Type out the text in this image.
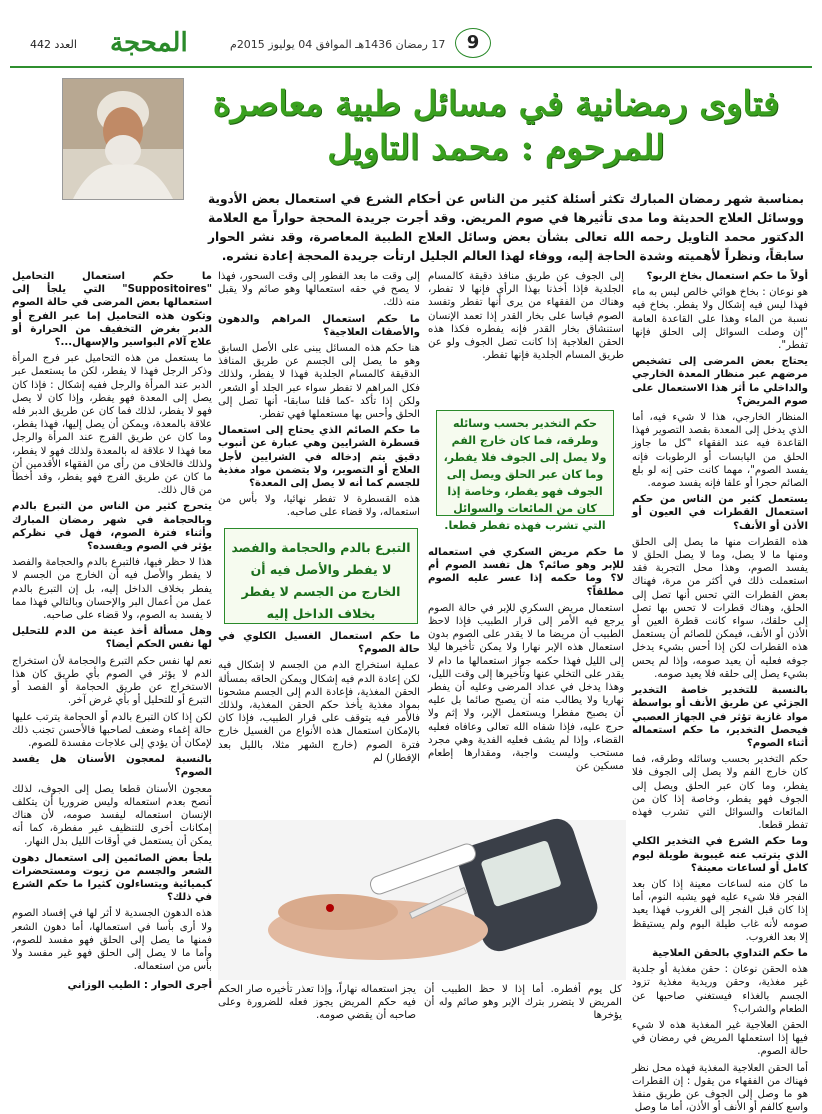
العدد 442 المحجة	17 رمضان 1436هـ الموافق 04 يوليوز 2015م	9
فتاوى رمضانية في مسائل طبية معاصرة
للمرحوم : محمد التاويل
بمناسبة شهر رمضان المبارك تكثر أسئلة كثير من الناس عن أحكام الشرع في استعمال بعض الأدوية ووسائل العلاج الحديثة وما مدى تأثيرها في صوم المريض. وقد أجرت جريدة المحجة حواراً مع العلامة الدكتور محمد التاويل رحمه الله تعالى بشأن بعض وسائل العلاج الطبية المعاصرة، وقد نشر الحوار سابقاً، ونظراً لأهميته وشدة الحاجة إليه، ووفاء لهذا العالم الجليل ارتأت جريدة المحجة إعادة نشره.

أولاً ما حكم استعمال بخاخ الربو؟

هو نوعان : بخاخ هوائي خالص ليس به ماء فهذا ليس فيه إشكال ولا يفطر. بخاخ فيه نسبة من الماء وهذا على القاعدة العامة "إن وصلت السوائل إلى الحلق فإنها تفطر".

يحتاج بعض المرضى إلى تشخيص مرضهم عبر منظار المعدة الخارجي والداخلي ما أثر هذا الاستعمال على صوم المريض؟

المنظار الخارجي، هذا لا شيء فيه، أما الذي يدخل إلى المعدة بقصد التصوير فهذا القاعدة فيه عند الفقهاء "كل ما جاوز الحلق من اليابسات أو الرطوبات فإنه يفسد الصوم"، مهما كانت حتى إنه لو بلع الصائم حجرا أو علفا فإنه يفسد صومه.

يستعمل كثير من الناس من حكم استعمال القطرات في العيون أو الأذن أو الأنف؟

هذه القطرات منها ما يصل إلى الحلق ومنها ما لا يصل، وما لا يصل الحلق لا يفسد الصوم، وهذا محل التجربة فقد استعملت ذلك في أكثر من مرة، فهناك بعض القطرات التي تحس أنها تصل إلى الحلق، وهناك قطرات لا تحس بها تصل إلى حلقك، سواء كانت قطرة العين أو الأذن أو الأنف، فيمكن للصائم أن يستعمل هذه القطرات لكن إذا أحس بشيء يدخل جوفه فعليه أن يعيد صومه، وإذا لم يحس بشيء يصل إلى حلقه فلا يعيد صومه.

بالنسبة للتخدير خاصة التخدير الجزئي عن طريق الأنف أو بواسطة مواد غازية تؤثر في الجهاز العصبي فيحصل التخدير، ما حكم استعماله أثناء الصوم؟

حكم التخدير بحسب وسائله وطرقه، فما كان خارج الفم ولا يصل إلى الجوف فلا يفطر، وما كان عبر الحلق ويصل إلى الجوف فهو يفطر، وخاصة إذا كان من المائعات والسوائل التي تشرب فهذه تفطر قطعا.

وما حكم الشرع في التخدير الكلي الذي يترتب عنه غيبوبة طويلة ليوم كامل أو لساعات معينة؟

ما كان منه لساعات معينة إذا كان بعد الفجر فلا شيء عليه فهو يشبه النوم، أما إذا كان قبل الفجر إلى الغروب فهذا يعيد صومه لأنه غاب طيلة اليوم ولم يستيقظ إلا بعد الغروب.

ما حكم التداوي بالحقن العلاجية

هذه الحقن نوعان : حقن مغذية أو جلدية غير مغذية، وحقن وريدية مغذية تزود الجسم بالغذاء فيستغني صاحبها عن الطعام والشراب؟

الحقن العلاجية غير المغذية هذه لا شيء فيها إذا استعملها المريض في رمضان في حالة الصوم.

أما الحقن العلاجية المغذية فهذه محل نظر فهناك من الفقهاء من يقول : إن القطرات هو ما وصل إلى الجوف عن طريق منفذ واسع كالفم أو الأنف أو الأذن، أما ما وصل

إلى الجوف عن طريق منافذ دقيقة كالمسام الجلدية فإذا أخذنا بهذا الرأي فإنها لا تفطر، وهناك من الفقهاء من يرى أنها تفطر وتفسد الصوم قياسا على بخار القدر إذا تعمد الإنسان استنشاق بخار القدر فإنه يفطره فكذا هذه الحقن العلاجية إذا كانت تصل الجوف ولو عن طريق المسام الجلدية فإنها تفطر.

حكم التخدير بحسب وسائله وطرقه، فما كان خارج الفم ولا يصل إلى الجوف فلا يفطر، وما كان عبر الحلق ويصل إلى الجوف فهو يفطر، وخاصة إذا كان من المائعات والسوائل التي تشرب فهذه تفطر قطعا.

ما حكم مريض السكري في استعماله للإبر وهو صائم؟ هل تفسد الصوم أم لا؟ وما حكمه إذا عسر عليه الصوم مطلقاً؟

استعمال مريض السكري للإبر في حالة الصوم يرجع فيه الأمر إلى قرار الطبيب فإذا لاحظ الطبيب أن مريضا ما لا يقدر على الصوم بدون استعمال هذه الإبر نهارا ولا يمكن تأخيرها ليلا إلى الليل فهذا حكمه جواز استعمالها ما دام لا يقدر على التخلي عنها وتأخيرها إلى وقت الليل، وهذا يدخل في عداد المرضى وعليه أن يفطر نهاريا ولا يطالب منه أن يصبح صائما بل عليه أن يصبح مفطرا ويستعمل الإبر، ولا إثم ولا حرج عليه، فإذا شفاه الله تعالى وعافاه فعليه القضاء، وإذا لم يشف فعليه الفدية وهي مجرد مستحب وليست واجبة، ومقدارها إطعام مسكين عن

إلى وقت ما بعد الفطور إلى وقت السحور، فهذا لا يصح في حقه استعمالها وهو صائم ولا يقبل منه ذلك.

ما حكم استعمال المراهم والدهون والأصقات العلاجية؟

هنا حكم هذه المسائل يبنى على الأصل السابق وهو ما يصل إلى الجسم عن طريق المنافذ الدقيقة كالمسام الجلدية فهذا لا يفطر، ولذلك فكل المراهم لا تفطر سواء عبر الجلد أو الشعر، ولكن إذا تأكد -كما قلنا سابقا- أنها تصل إلى الحلق وأحس بها مستعملها فهي تفطر.

ما حكم الصائم الذي يحتاج إلى استعمال قسطرة الشرايين وهي عبارة عن أنبوب دقيق يتم إدخاله في الشرايين لأجل العلاج أو التصوير، ولا يتضمن مواد مغذية للجسم كما أنه لا يصل إلى المعدة؟

هذه القسطرة لا تفطر نهائيا، ولا بأس من استعماله، ولا قضاء على صاحبه.

التبرع بالدم والحجامة والفصد لا يفطر والأصل فيه أن الخارج من الجسم لا يفطر بخلاف الداخل إليه

ما حكم استعمال الغسيل الكلوي في حالة الصوم؟

عملية استخراج الدم من الجسم لا إشكال فيه لكن إعادة الدم فيه إشكال ويمكن الحاقه بمسألة الحقن المغذية، فإعادة الدم إلى الجسم مشحونا بمواد مغذية يأخذ حكم الحقن المغذية، ولذلك فالأمر فيه يتوقف على قرار الطبيب، فإذا كان بالإمكان استعمال هذه الأنواع من الغسيل خارج فترة الصوم (خارج الشهر مثلا، بالليل بعد الإفطار) لم

ما حكم استعمال التحاميل "Suppositoires" التي يلجأ إلى استعمالها بعض المرضى في حالة الصوم وتكون هذه التحاميل إما عبر الفرج أو الدبر بغرض التخفيف من الحرارة أو علاج آلام البواسير والإسهال...؟

ما يستعمل من هذه التحاميل عبر فرج المرأة وذكر الرجل فهذا لا يفطر، لكن ما يستعمل عبر الدبر عند المرأة والرجل ففيه إشكال : فإذا كان يصل إلى المعدة فهو يفطر، وإذا كان لا يصل فهو لا يفطر، لذلك فما كان عن طريق الدبر فله علاقة بالمعدة، ويمكن أن يصل إليها، فهذا يفطر، وما كان عن طريق الفرج عند المرأة والرجل معا فهذا لا علاقة له بالمعدة ولذلك فهو لا يفطر، ولذلك فالخلاف من رأى من الفقهاء الأقدمين أن ما كان عن طريق الفرج فهو يفطر، وقد أخطأ من قال ذلك.

يتحرج كثير من الناس من التبرع بالدم وبالحجامة في شهر رمضان المبارك وأثناء فترة الصوم، فهل في نظركم يؤثر في الصوم ويفسده؟

هذا لا حظر فيها، فالتبرع بالدم والحجامة والفصد لا يفطر والأصل فيه أن الخارج من الجسم لا يفطر بخلاف الداخل إليه، بل إن التبرع بالدم عمل من أعمال البر والإحسان وبالتالي فهذا مما لا يفسد به الصوم، ولا قضاء على صاحبه.

وهل مسألة أخذ عينة من الدم للتحليل لها نفس الحكم أيضا؟

نعم لها نفس حكم التبرع والحجامة لأن استخراج الدم لا يؤثر في الصوم بأي طريق كان هذا الاستخراج عن طريق الحجامة أو الفصد أو التبرع أو للتحليل أو بأي غرض آخر.

لكن إذا كان التبرع بالدم أو الحجامة يترتب عليها حالة إغماء وضعف لصاحبها فالأحسن تجنب ذلك لإمكان أن يؤدي إلى علاجات مفسدة للصوم.

بالنسبة لمعجون الأسنان هل يفسد الصوم؟

معجون الأسنان قطعا يصل إلى الجوف، لذلك أنصح بعدم استعماله وليس ضروريا أن يتكلف الإنسان استعماله ليفسد صومه، لأن هناك إمكانات أخرى للتنظيف غير مفطرة، كما أنه يمكن أن يستعمل في أوقات الليل بدل النهار.

يلجأ بعض الصائمين إلى استعمال دهون الشعر والجسم من زيوت ومستحضرات كيميائية ويتساءلون كثيرا ما حكم الشرع في ذلك؟

هذه الدهون الجسدية لا أثر لها في إفساد الصوم ولا أرى بأسا في استعمالها، أما دهون الشعر فمنها ما يصل إلى الحلق فهو مفسد للصوم، وأما ما لا يصل إلى الحلق فهو غير مفسد ولا بأس من استعماله.

أجرى الحوار : الطيب الوزاني يجز استعماله نهاراً، وإذا تعذر تأخيره صار الحكم فيه حكم المريض يجوز فعله للضرورة وعلى صاحبه أن يقضي صومه.

كل يوم أفطره. أما إذا لا حظ الطبيب أن المريض لا يتضرر بترك الإبر وهو صائم وله أن يؤخرها
